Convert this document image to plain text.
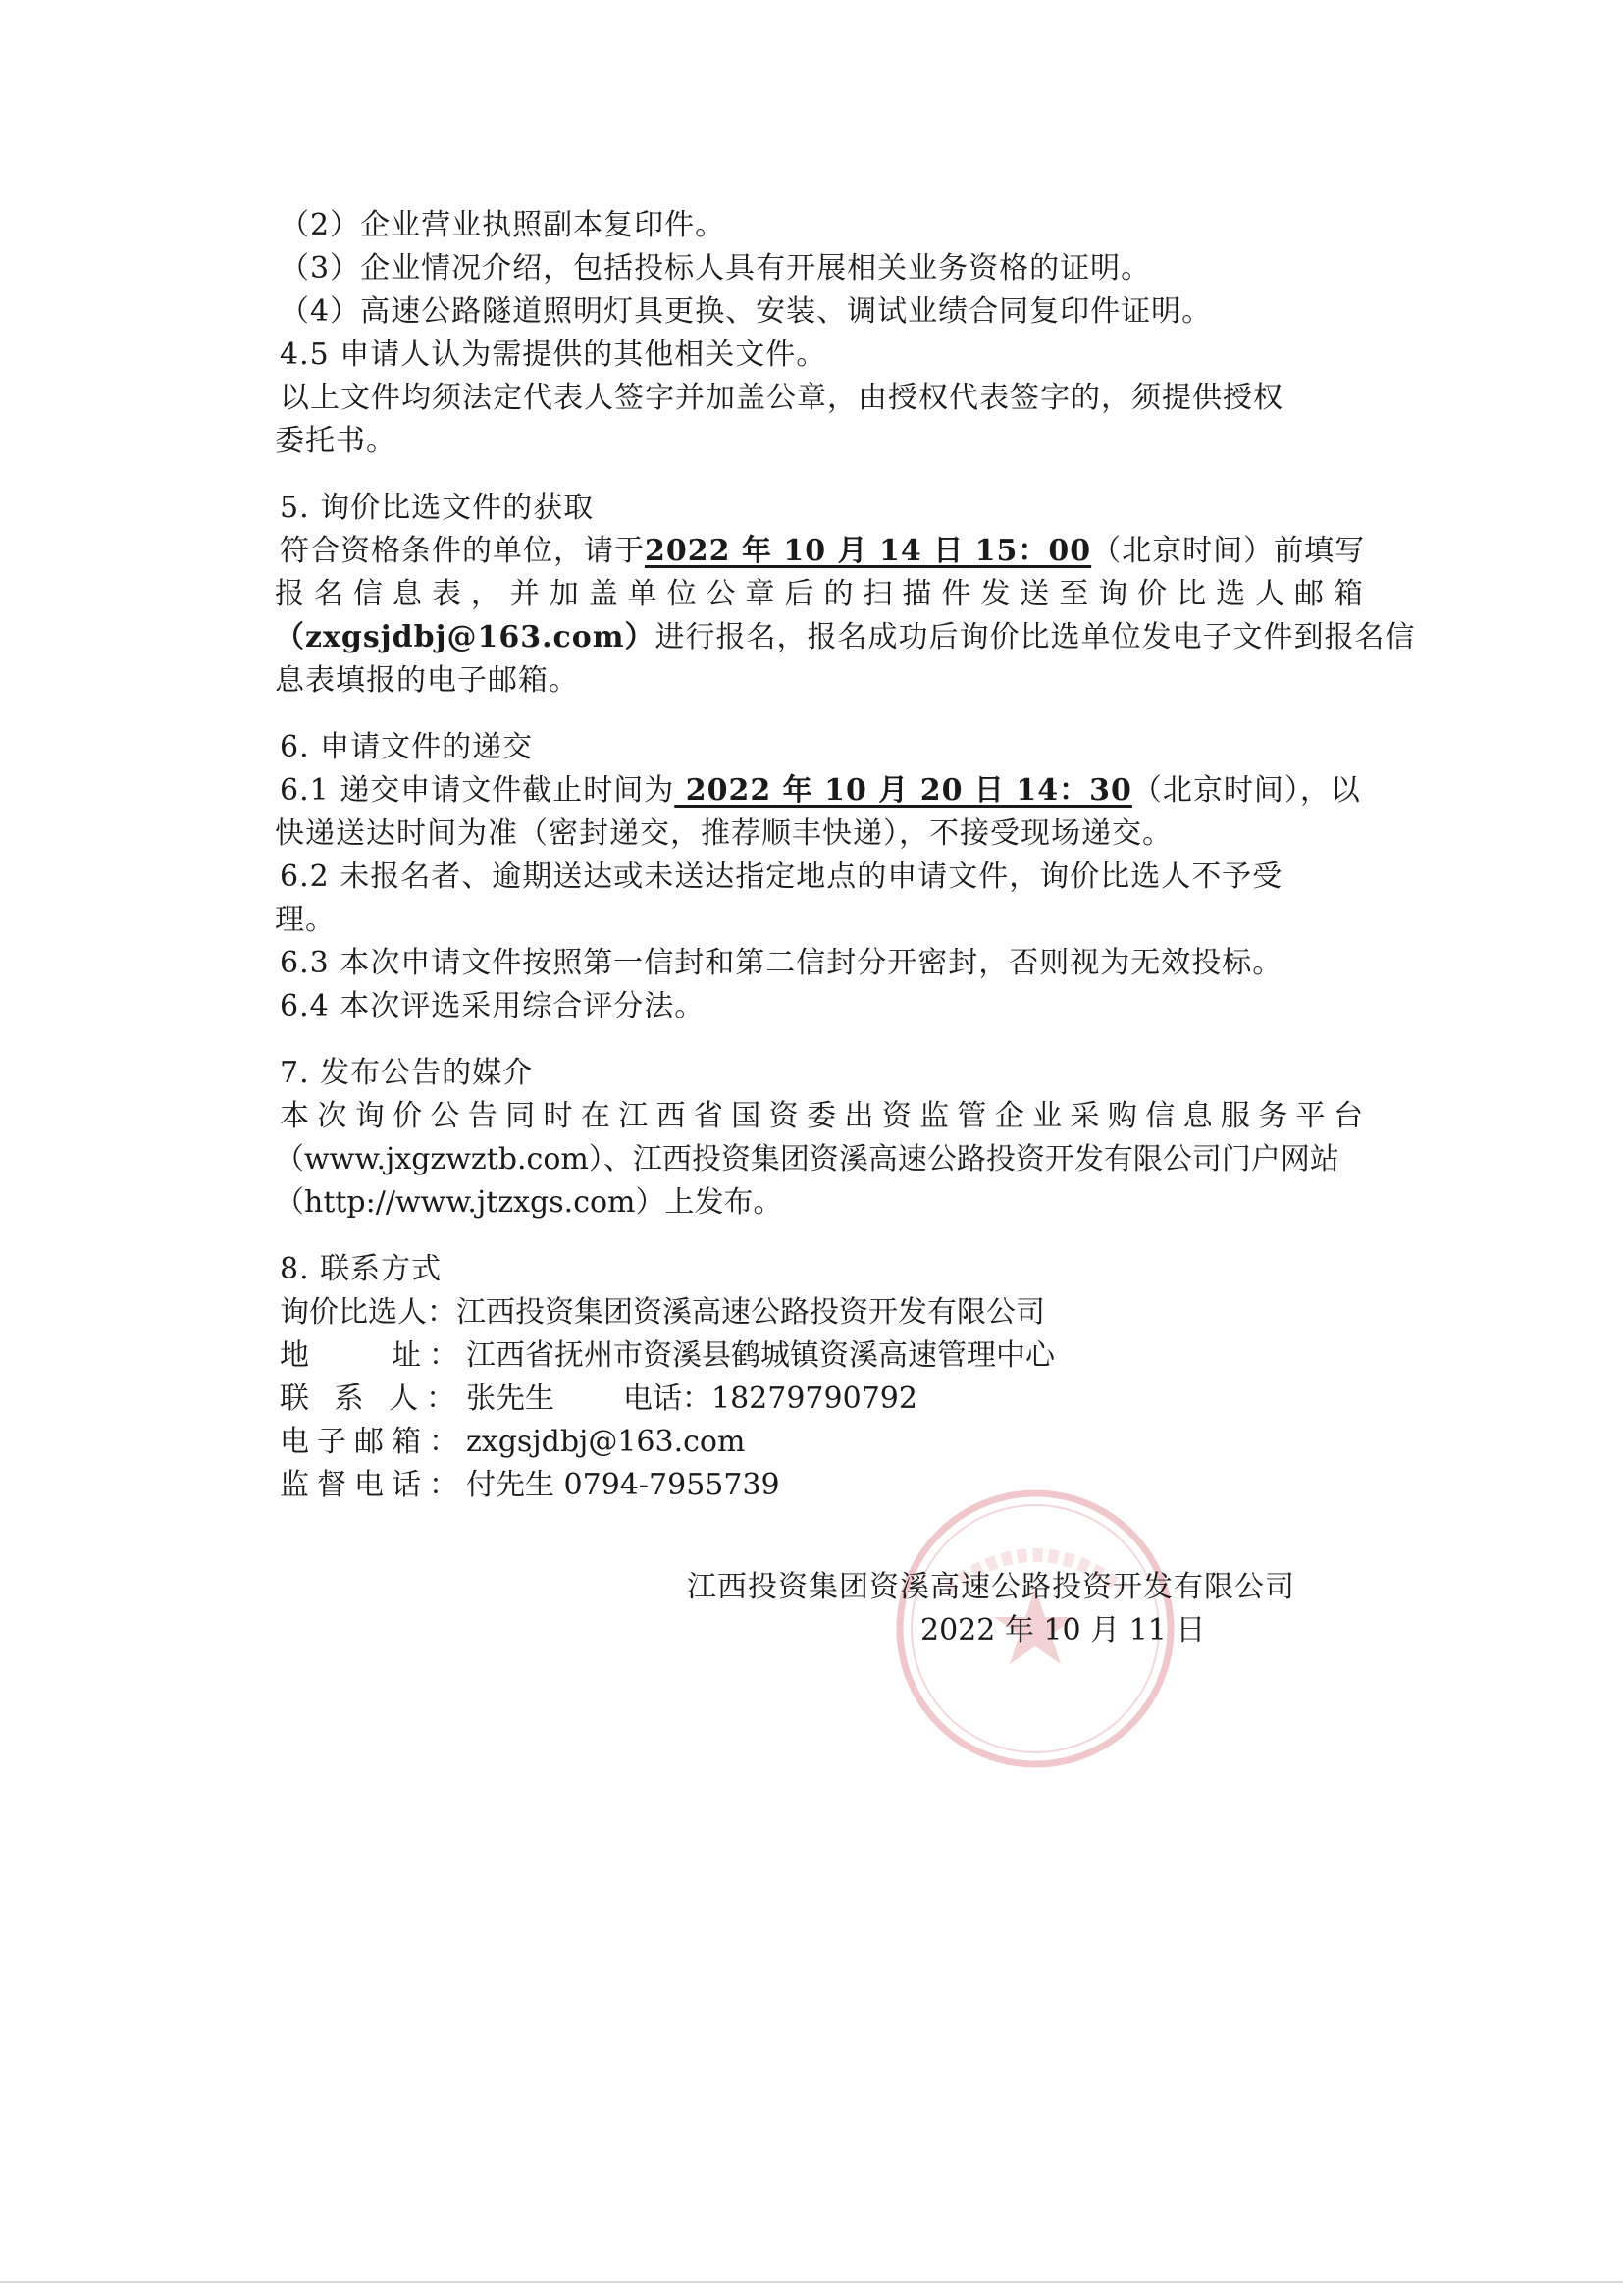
（2）企业营业执照副本复印件。
（3）企业情况介绍，包括投标人具有开展相关业务资格的证明。
（4）高速公路隧道照明灯具更换、安装、调试业绩合同复印件证明。
4.5 申请人认为需提供的其他相关文件。
以上文件均须法定代表人签字并加盖公章，由授权代表签字的，须提供授权
委托书。
5. 询价比选文件的获取
符合资格条件的单位，请于2022 年 10 月 14 日 15：00（北京时间）前填写
报名信息表，并加盖单位公章后的扫描件发送至询价比选人邮箱
（zxgsjdbj@163.com）进行报名，报名成功后询价比选单位发电子文件到报名信
息表填报的电子邮箱。
6. 申请文件的递交
6.1 递交申请文件截止时间为 2022 年 10 月 20 日 14：30（北京时间），以
快递送达时间为准（密封递交，推荐顺丰快递），不接受现场递交。
6.2 未报名者、逾期送达或未送达指定地点的申请文件，询价比选人不予受
理。
6.3 本次申请文件按照第一信封和第二信封分开密封，否则视为无效投标。
6.4 本次评选采用综合评分法。
7. 发布公告的媒介
本次询价公告同时在江西省国资委出资监管企业采购信息服务平台
（www.jxgzwztb.com）、江西投资集团资溪高速公路投资开发有限公司门户网站
（http://www.jtzxgs.com）上发布。
8. 联系方式
询价比选人：江西投资集团资溪高速公路投资开发有限公司
地　　址：江西省抚州市资溪县鹤城镇资溪高速管理中心
联 系 人：张先生 电话：18279790792
电子邮箱：zxgsjdbj@163.com
监督电话：付先生 0794-7955739
江西投资集团资溪高速公路投资开发有限公司
2022 年 10 月 11 日
